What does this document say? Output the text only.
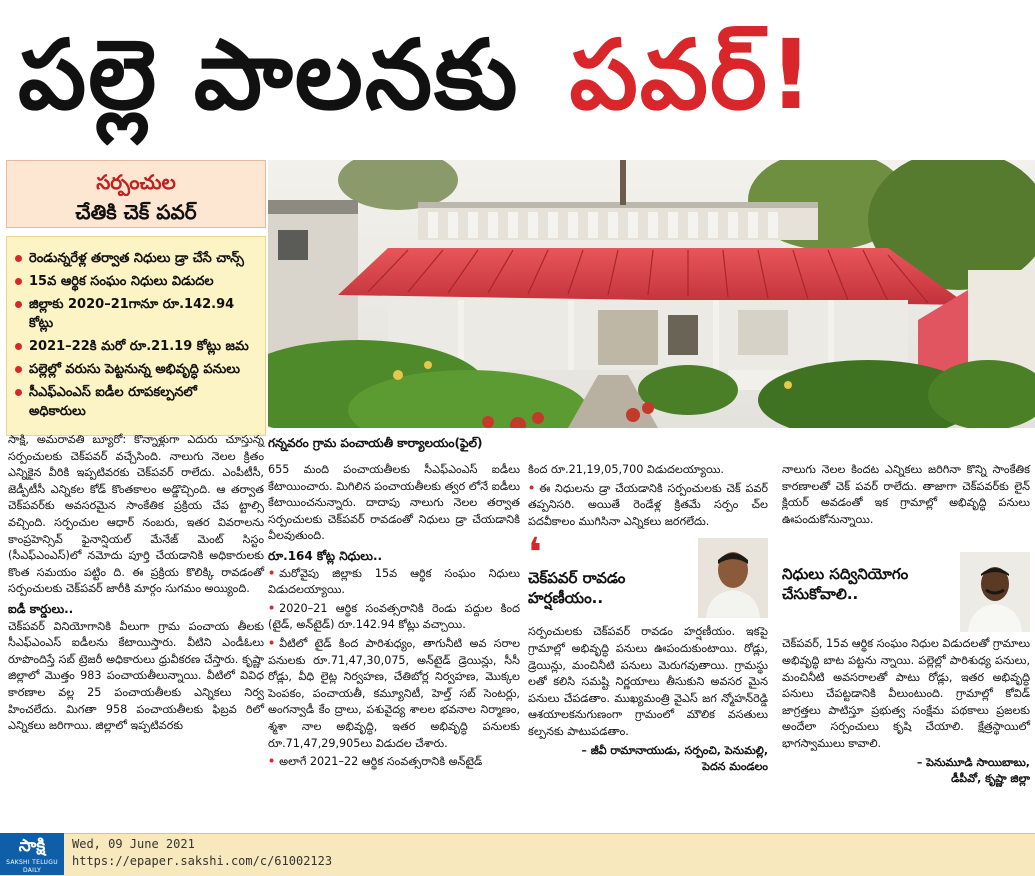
పల్లె పాలనకు పవర్!
సర్పంచుల
చేతికి చెక్ పవర్
రెండున్నరేళ్ల తర్వాత నిధులు డ్రా చేసే చాన్స్
15వ ఆర్థిక సంఘం నిధులు విడుదల
జిల్లాకు 2020–21గానూ రూ.142.94 కోట్లు
2021–22కి మరో రూ.21.19 కోట్లు జమ
పల్లెల్లో వరుసు పెట్టనున్న అభివృద్ధి పనులు
సీఎఫ్ఎంఎస్ ఐడీల రూపకల్పనలో అధికారులు
గన్నవరం గ్రామ పంచాయతీ కార్యాలయం(ఫైల్)

సాక్షి, అమరావతి బ్యూరో: కొన్నాళ్లుగా ఎదురు చూస్తున్న సర్పంచులకు చెక్‌పవర్ వచ్చేసింది. నాలుగు నెలల క్రితం ఎన్నికైన వీరికి ఇప్పటివరకు చెక్‌పవర్ రాలేదు. ఎంపీటీసీ, జెడ్పీటీసీ ఎన్నికల కోడ్ కొంతకాలం అడ్డొచ్చింది. ఆ తర్వాత చెక్‌పవర్‌కు అవసరమైన సాంకేతిక ప్రక్రియ చేప ట్టాల్సి వచ్చింది. సర్పంచుల ఆధార్ నంబరు, ఇతర వివరాలను కాంప్రహెన్సివ్ ఫైనాన్షియల్ మేనేజ్ మెంట్ సిస్టం (సీఎఫ్ఎంఎస్)లో నమోదు పూర్తి చేయడానికి అధికారులకు కొంత సమయం పట్టిం ది. ఈ ప్రక్రియ కొలిక్కి రావడంతో సర్పంచులకు చెక్‌పవర్ జారీకి మార్గం సుగమం అయ్యింది.

ఐడీ కార్డులు..

చెక్‌పవర్ వినియోగానికి వీలుగా గ్రామ పంచాయ తీలకు సీఎఫ్ఎంఎస్ ఐడీలను కేటాయిస్తారు. వీటిని ఎండీఓలు రూపొందిస్తే సబ్ ట్రెజరీ అధికారులు ధ్రువీకరణ చేస్తారు. కృష్ణా జిల్లాలో మొత్తం 983 పంచాయతీలున్నాయి. వీటిలో వివిధ కారణాల వల్ల 25 పంచాయతీలకు ఎన్నికలు నిర్వ హించలేదు. మిగతా 958 పంచాయతీలకు ఫిబ్రవ రిలో ఎన్నికలు జరిగాయి. జిల్లాలో ఇప్పటివరకు

655 మంది పంచాయతీలకు సీఎఫ్ఎంఎస్ ఐడీలు కేటాయించారు. మిగిలిన పంచాయతీలకు త్వర లోనే ఐడీలు కేటాయించనున్నారు. దాదాపు నాలుగు నెలల తర్వాత సర్పంచులకు చెక్‌పవర్ రావడంతో నిధులు డ్రా చేయడానికి వీలవుతుంది.

రూ.164 కోట్ల నిధులు..

• మరోవైపు జిల్లాకు 15వ ఆర్థిక సంఘం నిధులు విడుదలయ్యాయి.

• 2020–21 ఆర్థిక సంవత్సరానికి రెండు పద్దుల కింద (టైడ్, అన్‌టైడ్) రూ.142.94 కోట్లు వచ్చాయి.

• వీటిలో టైడ్ కింద పారిశుధ్యం, తాగునీటి అవ సరాల పనులకు రూ.71,47,30,075, అన్‌టైడ్ డ్రెయిన్లు, సీసీ రోడ్లు, వీధి లైట్ల నిర్వహణ, చేతిబోర్ల నిర్వహణ, మొక్కల పెంపకం, పంచాయతీ, కమ్యూనిటీ, హెల్త్ సబ్ సెంటర్లు, అంగన్వాడీ కేం ద్రాలు, పశువైద్య శాలల భవనాల నిర్మాణం, శ్మశా నాల అభివృద్ధి, ఇతర అభివృద్ధి పనులకు రూ.71,47,29,905లు విడుదల చేశారు.

• అలాగే 2021–22 ఆర్థిక సంవత్సరానికి అన్‌టైడ్

కింద రూ.21,19,05,700 విడుదలయ్యాయి.

• ఈ నిధులను డ్రా చేయడానికి సర్పంచులకు చెక్ పవర్ తప్పనిసరి. అయితే రెండేళ్ల క్రితమే సర్పం చ్‌ల పదవీకాలం ముగిసినా ఎన్నికలు జరగలేదు.

❛
చెక్‌పవర్ రావడం
హర్షణీయం..

సర్పంచులకు చెక్‌పవర్ రావడం హర్షణీయం. ఇకపై గ్రామాల్లో అభివృద్ధి పనులు ఊపందుకుంటాయి. రోడ్లు, డ్రెయిన్లు, మంచినీటి పనులు మెరుగవుతాయి. గ్రామస్థు లతో కలిసి సమష్టి నిర్ణయాలు తీసుకుని అవసర మైన పనులు చేపడతాం. ముఖ్యమంత్రి వైఎస్ జగ న్మోహన్‌రెడ్డి ఆశయాలకనుగుణంగా గ్రామంలో మౌలిక వసతులు కల్పనకు పాటుపడతాం.

– జీవీ రామానాయుడు, సర్పంచి, పెనుమల్లి,
పెదన మండలం

నాలుగు నెలల కిందట ఎన్నికలు జరిగినా కొన్ని సాంకేతిక కారణాలతో చెక్ పవర్ రాలేదు. తాజాగా చెక్‌పవర్‌కు లైన్ క్లియర్ అవడంతో ఇక గ్రామాల్లో అభివృద్ధి పనులు ఊపందుకోనున్నాయి.

నిధులు సద్వినియోగం
చేసుకోవాలి..

చెక్‌పవర్, 15వ ఆర్థిక సంఘం నిధుల విడుదలతో గ్రామాలు అభివృద్ధి బాట పట్టను న్నాయి. పల్లెల్లో పారిశుధ్య పనులు, మంచినీటి అవసరాలతో పాటు రోడ్లు, ఇతర అభివృద్ధి పనులు చేపట్టడానికి వీలుంటుంది. గ్రామాల్లో కోవిడ్ జాగ్రత్తలు పాటిస్తూ ప్రభుత్వ సంక్షేమ పథకాలు ప్రజలకు అందేలా సర్పంచులు కృషి చేయాలి. క్షేత్రస్థాయిలో భాగస్వాములు కావాలి.

– పెనుమూడి సాయిబాబు,
డీపీవో, కృష్ణా జిల్లా
సాక్షి
SAKSHI TELUGU DAILY
Wed, 09 June 2021
https://epaper.sakshi.com/c/61002123
